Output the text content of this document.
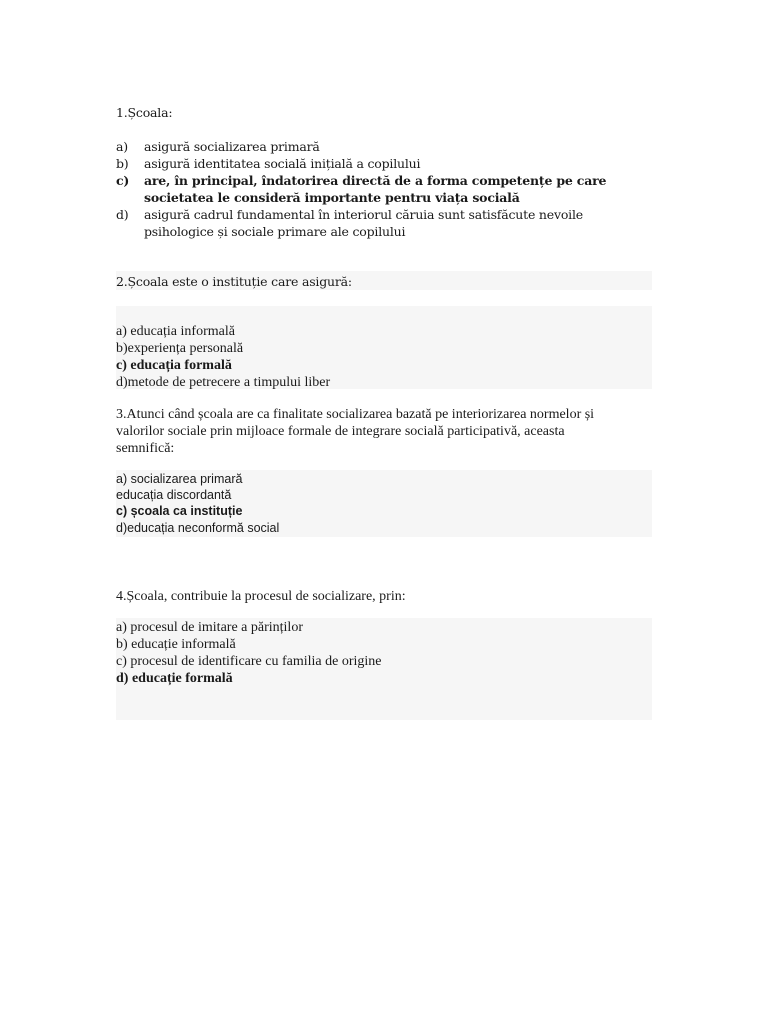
1.Școala:
a) asigură socializarea primară
b) asigură identitatea socială inițială a copilului
c) are, în principal, îndatorirea directă de a forma competențe pe care
societatea le consideră importante pentru viața socială
d) asigură cadrul fundamental în interiorul căruia sunt satisfăcute nevoile
psihologice și sociale primare ale copilului
2.Școala este o instituție care asigură:
a) educația informală
b)experiența personală
c) educația formală
d)metode de petrecere a timpului liber
3.Atunci când școala are ca finalitate socializarea bazată pe interiorizarea normelor și
valorilor sociale prin mijloace formale de integrare socială participativă, aceasta
semnifică:
a) socializarea primară
educația discordantă
c) școala ca instituție
d)educația neconformă social
4.Școala, contribuie la procesul de socializare, prin:
a) procesul de imitare a părinților
b) educație informală
c) procesul de identificare cu familia de origine
d) educație formală
